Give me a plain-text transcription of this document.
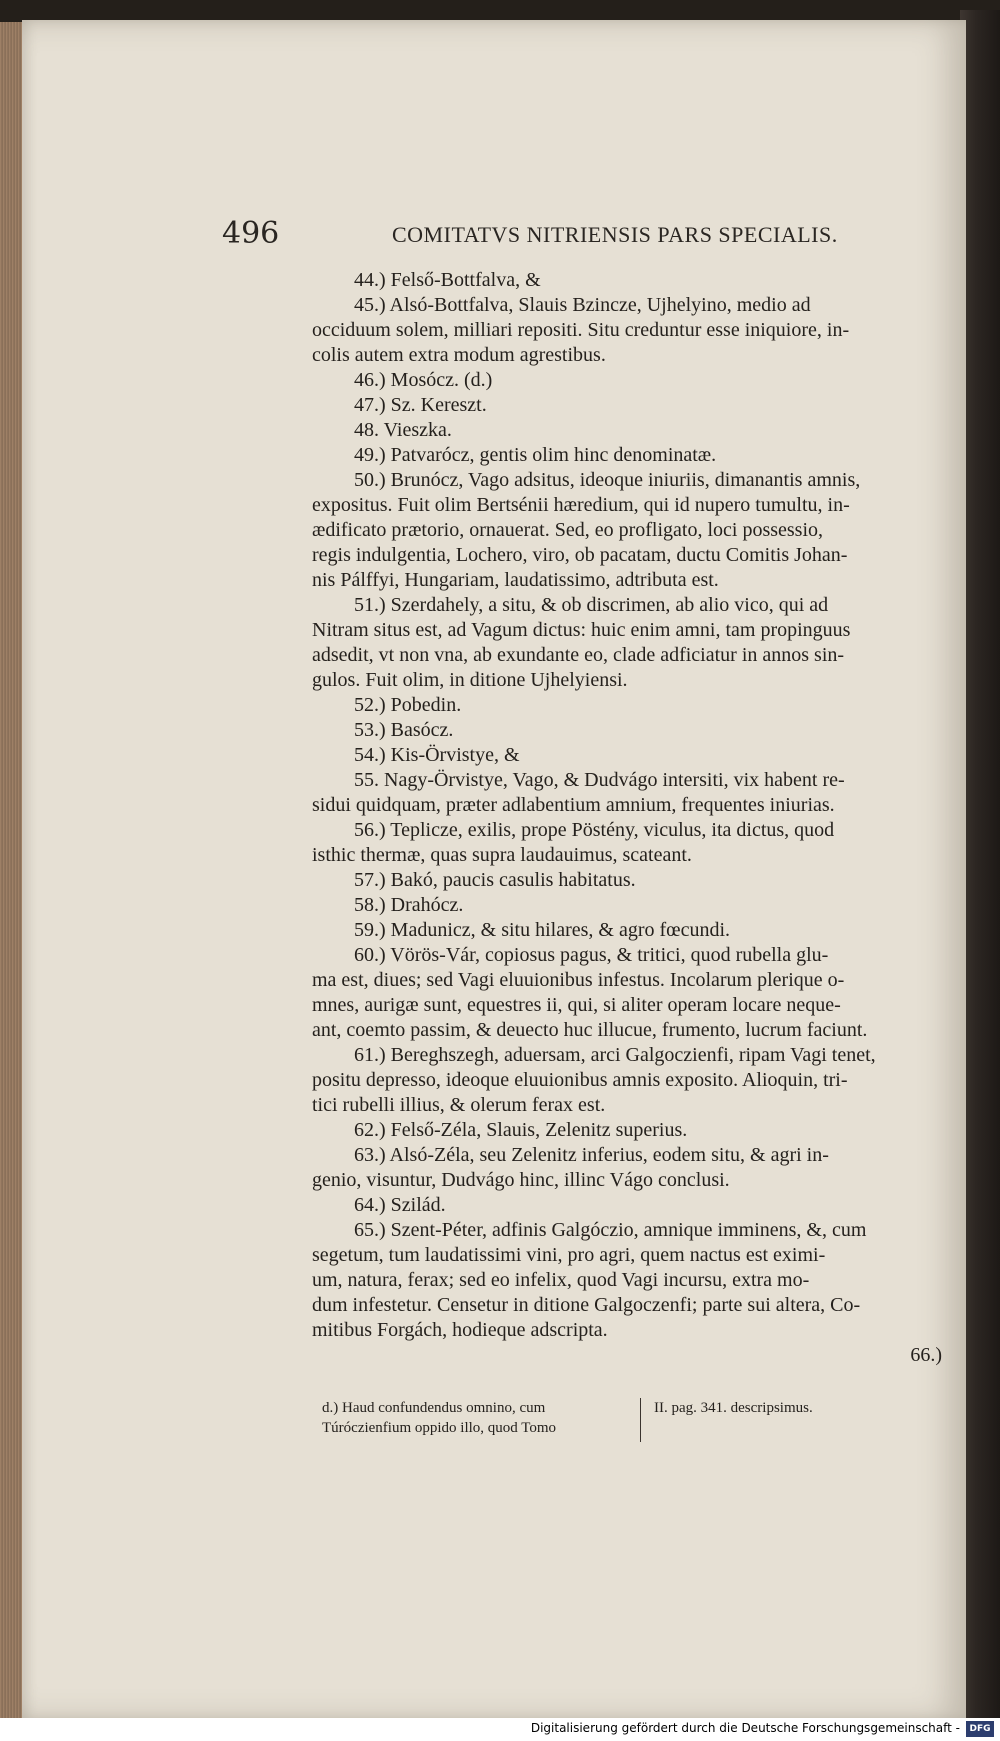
496	COMITATVS NITRIENSIS PARS SPECIALIS.
44.) Felső-Bottfalva, &
45.) Alsó-Bottfalva, Slauis Bzincze, Ujhelyino, medio ad
occiduum solem, milliari repositi. Situ creduntur esse iniquiore, in-
colis autem extra modum agrestibus.
46.) Mosócz. (d.)
47.) Sz. Kereszt.
48. Vieszka.
49.) Patvarócz, gentis olim hinc denominatæ.
50.) Brunócz, Vago adsitus, ideoque iniuriis, dimanantis amnis,
expositus. Fuit olim Bertsénii hæredium, qui id nupero tumultu, in-
ædificato prætorio, ornauerat. Sed, eo profligato, loci possessio,
regis indulgentia, Lochero, viro, ob pacatam, ductu Comitis Johan-
nis Pálffyi, Hungariam, laudatissimo, adtributa est.
51.) Szerdahely, a situ, & ob discrimen, ab alio vico, qui ad
Nitram situs est, ad Vagum dictus: huic enim amni, tam propinguus
adsedit, vt non vna, ab exundante eo, clade adficiatur in annos sin-
gulos. Fuit olim, in ditione Ujhelyiensi.
52.) Pobedin.
53.) Basócz.
54.) Kis-Örvistye, &
55. Nagy-Örvistye, Vago, & Dudvágo intersiti, vix habent re-
sidui quidquam, præter adlabentium amnium, frequentes iniurias.
56.) Teplicze, exilis, prope Pöstény, viculus, ita dictus, quod
isthic thermæ, quas supra laudauimus, scateant.
57.) Bakó, paucis casulis habitatus.
58.) Drahócz.
59.) Madunicz, & situ hilares, & agro fœcundi.
60.) Vörös-Vár, copiosus pagus, & tritici, quod rubella glu-
ma est, diues; sed Vagi eluuionibus infestus. Incolarum plerique o-
mnes, aurigæ sunt, equestres ii, qui, si aliter operam locare neque-
ant, coemto passim, & deuecto huc illucue, frumento, lucrum faciunt.
61.) Bereghszegh, aduersam, arci Galgoczienfi, ripam Vagi tenet,
positu depresso, ideoque eluuionibus amnis exposito. Alioquin, tri-
tici rubelli illius, & olerum ferax est.
62.) Felső-Zéla, Slauis, Zelenitz superius.
63.) Alsó-Zéla, seu Zelenitz inferius, eodem situ, & agri in-
genio, visuntur, Dudvágo hinc, illinc Vágo conclusi.
64.) Szilád.
65.) Szent-Péter, adfinis Galgóczio, amnique imminens, &, cum
segetum, tum laudatissimi vini, pro agri, quem nactus est eximi-
um, natura, ferax; sed eo infelix, quod Vagi incursu, extra mo-
dum infestetur. Censetur in ditione Galgoczenfi; parte sui altera, Co-
mitibus Forgách, hodieque adscripta.
66.)
d.) Haud confundendus omnino, cum
Túróczienfium oppido illo, quod Tomo
II. pag. 341. descripsimus.
Digitalisierung gefördert durch die Deutsche Forschungsgemeinschaft -	DFG
